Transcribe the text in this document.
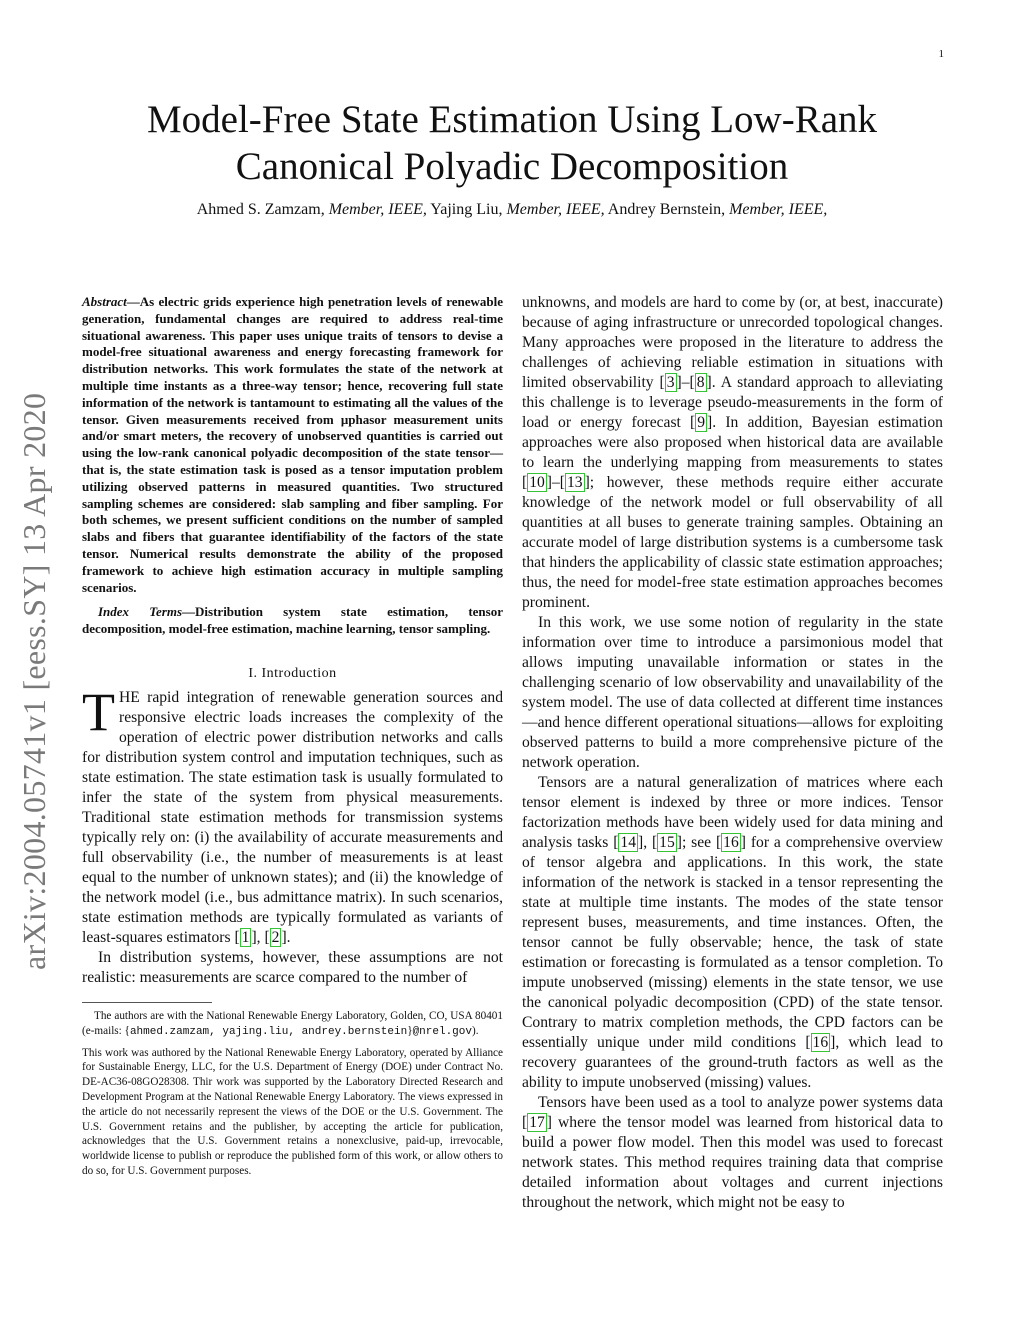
1
Model-Free State Estimation Using Low-Rank
Canonical Polyadic Decomposition
Ahmed S. Zamzam, Member, IEEE, Yajing Liu, Member, IEEE, Andrey Bernstein, Member, IEEE,
arXiv:2004.05741v1 [eess.SY] 13 Apr 2020
Abstract—As electric grids experience high penetration levels of renewable generation, fundamental changes are required to address real-time situational awareness. This paper uses unique traits of tensors to devise a model-free situational awareness and energy forecasting framework for distribution networks. This work formulates the state of the network at multiple time instants as a three-way tensor; hence, recovering full state information of the network is tantamount to estimating all the values of the tensor. Given measurements received from μphasor measurement units and/or smart meters, the recovery of unobserved quantities is carried out using the low-rank canonical polyadic decomposition of the state tensor—that is, the state estimation task is posed as a tensor imputation problem utilizing observed patterns in measured quantities. Two structured sampling schemes are considered: slab sampling and fiber sampling. For both schemes, we present sufficient conditions on the number of sampled slabs and fibers that guarantee identifiability of the factors of the state tensor. Numerical results demonstrate the ability of the proposed framework to achieve high estimation accuracy in multiple sampling scenarios.
Index Terms—Distribution system state estimation, tensor decomposition, model-free estimation, machine learning, tensor sampling.
I. Introduction

THE rapid integration of renewable generation sources and responsive electric loads increases the complexity of the operation of electric power distribution networks and calls for distribution system control and imputation techniques, such as state estimation. The state estimation task is usually formulated to infer the state of the system from physical measurements. Traditional state estimation methods for transmission systems typically rely on: (i) the availability of accurate measurements and full observability (i.e., the number of measurements is at least equal to the number of unknown states); and (ii) the knowledge of the network model (i.e., bus admittance matrix). In such scenarios, state estimation methods are typically formulated as variants of least-squares estimators [ 1 ], [ 2 ].

In distribution systems, however, these assumptions are not realistic: measurements are scarce compared to the number of

The authors are with the National Renewable Energy Laboratory, Golden, CO, USA 80401 (e-mails: {ahmed.zamzam, yajing.liu, andrey.bernstein}@nrel.gov).

This work was authored by the National Renewable Energy Laboratory, operated by Alliance for Sustainable Energy, LLC, for the U.S. Department of Energy (DOE) under Contract No. DE-AC36-08GO28308. Thir work was supported by the Laboratory Directed Research and Development Program at the National Renewable Energy Laboratory. The views expressed in the article do not necessarily represent the views of the DOE or the U.S. Government. The U.S. Government retains and the publisher, by accepting the article for publication, acknowledges that the U.S. Government retains a nonexclusive, paid-up, irrevocable, worldwide license to publish or reproduce the published form of this work, or allow others to do so, for U.S. Government purposes.

unknowns, and models are hard to come by (or, at best, inaccurate) because of aging infrastructure or unrecorded topological changes. Many approaches were proposed in the literature to address the challenges of achieving reliable estimation in situations with limited observability [ 3 ]–[ 8 ]. A standard approach to alleviating this challenge is to leverage pseudo-measurements in the form of load or energy forecast [ 9 ]. In addition, Bayesian estimation approaches were also proposed when historical data are available to learn the underlying mapping from measurements to states [ 10 ]–[ 13 ]; however, these methods require either accurate knowledge of the network model or full observability of all quantities at all buses to generate training samples. Obtaining an accurate model of large distribution systems is a cumbersome task that hinders the applicability of classic state estimation approaches; thus, the need for model-free state estimation approaches becomes prominent.

In this work, we use some notion of regularity in the state information over time to introduce a parsimonious model that allows imputing unavailable information or states in the challenging scenario of low observability and unavailability of the system model. The use of data collected at different time instances—and hence different operational situations—allows for exploiting observed patterns to build a more comprehensive picture of the network operation.

Tensors are a natural generalization of matrices where each tensor element is indexed by three or more indices. Tensor factorization methods have been widely used for data mining and analysis tasks [ 14 ], [ 15 ]; see [ 16 ] for a comprehensive overview of tensor algebra and applications. In this work, the state information of the network is stacked in a tensor representing the state at multiple time instants. The modes of the state tensor represent buses, measurements, and time instances. Often, the tensor cannot be fully observable; hence, the task of state estimation or forecasting is formulated as a tensor completion. To impute unobserved (missing) elements in the state tensor, we use the canonical polyadic decomposition (CPD) of the state tensor. Contrary to matrix completion methods, the CPD factors can be essentially unique under mild conditions [ 16 ], which lead to recovery guarantees of the ground-truth factors as well as the ability to impute unobserved (missing) values.

Tensors have been used as a tool to analyze power systems data [ 17 ] where the tensor model was learned from historical data to build a power flow model. Then this model was used to forecast network states. This method requires training data that comprise detailed information about voltages and current injections throughout the network, which might not be easy to
